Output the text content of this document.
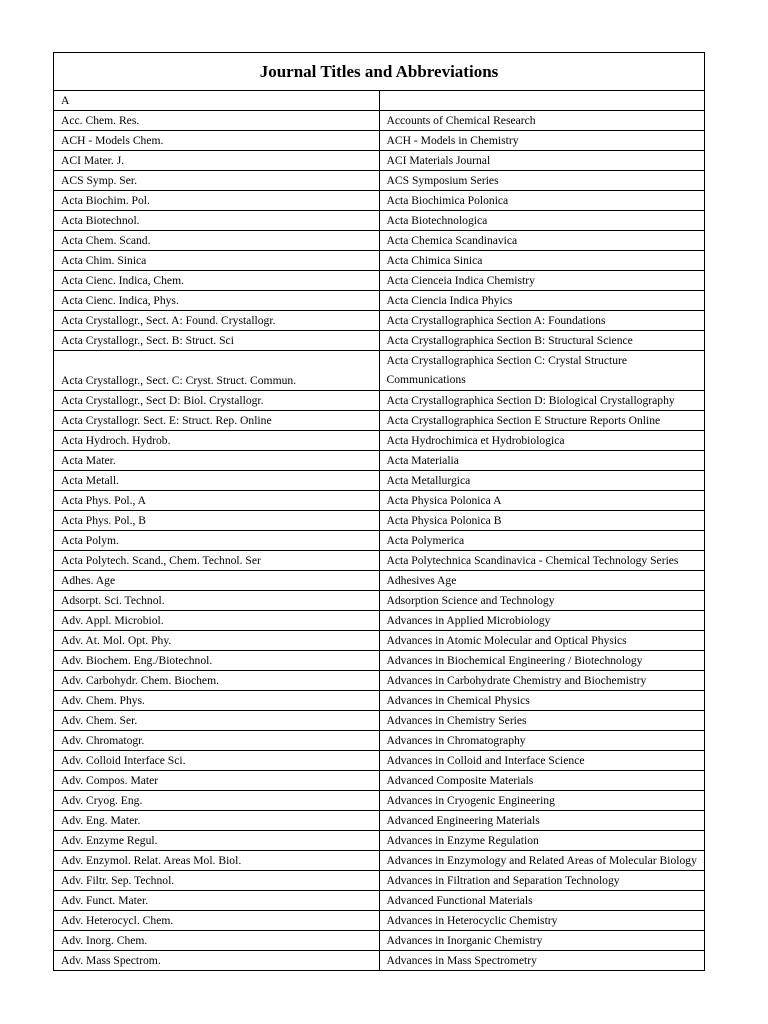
Journal Titles and Abbreviations	
A	
Acc. Chem. Res.	Accounts of Chemical Research
ACH - Models Chem.	ACH - Models in Chemistry
ACI Mater. J.	ACI Materials Journal
ACS Symp. Ser.	ACS Symposium Series
Acta Biochim. Pol.	Acta Biochimica Polonica
Acta Biotechnol.	Acta Biotechnologica
Acta Chem. Scand.	Acta Chemica Scandinavica
Acta Chim. Sinica	Acta Chimica Sinica
Acta Cienc. Indica, Chem.	Acta Cienceia Indica Chemistry
Acta Cienc. Indica, Phys.	Acta Ciencia Indica Phyics
Acta Crystallogr., Sect. A: Found. Crystallogr.	Acta Crystallographica Section A: Foundations
Acta Crystallogr., Sect. B: Struct. Sci	Acta Crystallographica Section B: Structural Science
Acta Crystallogr., Sect. C: Cryst. Struct. Commun.	Acta Crystallographica Section C: Crystal Structure Communications
Acta Crystallogr., Sect D: Biol. Crystallogr.	Acta Crystallographica Section D: Biological Crystallography
Acta Crystallogr. Sect. E: Struct. Rep. Online	Acta Crystallographica Section E Structure Reports Online
Acta Hydroch. Hydrob.	Acta Hydrochimica et Hydrobiologica
Acta Mater.	Acta Materialia
Acta Metall.	Acta Metallurgica
Acta Phys. Pol., A	Acta Physica Polonica A
Acta Phys. Pol., B	Acta Physica Polonica B
Acta Polym.	Acta Polymerica
Acta Polytech. Scand., Chem. Technol. Ser	Acta Polytechnica Scandinavica - Chemical Technology Series
Adhes. Age	Adhesives Age
Adsorpt. Sci. Technol.	Adsorption Science and Technology
Adv. Appl. Microbiol.	Advances in Applied Microbiology
Adv. At. Mol. Opt. Phy.	Advances in Atomic Molecular and Optical Physics
Adv. Biochem. Eng./Biotechnol.	Advances in Biochemical Engineering / Biotechnology
Adv. Carbohydr. Chem. Biochem.	Advances in Carbohydrate Chemistry and Biochemistry
Adv. Chem. Phys.	Advances in Chemical Physics
Adv. Chem. Ser.	Advances in Chemistry Series
Adv. Chromatogr.	Advances in Chromatography
Adv. Colloid Interface Sci.	Advances in Colloid and Interface Science
Adv. Compos. Mater	Advanced Composite Materials
Adv. Cryog. Eng.	Advances in Cryogenic Engineering
Adv. Eng. Mater.	Advanced Engineering Materials
Adv. Enzyme Regul.	Advances in Enzyme Regulation
Adv. Enzymol. Relat. Areas Mol. Biol.	Advances in Enzymology and Related Areas of Molecular Biology
Adv. Filtr. Sep. Technol.	Advances in Filtration and Separation Technology
Adv. Funct. Mater.	Advanced Functional Materials
Adv. Heterocycl. Chem.	Advances in Heterocyclic Chemistry
Adv. Inorg. Chem.	Advances in Inorganic Chemistry
Adv. Mass Spectrom.	Advances in Mass Spectrometry
